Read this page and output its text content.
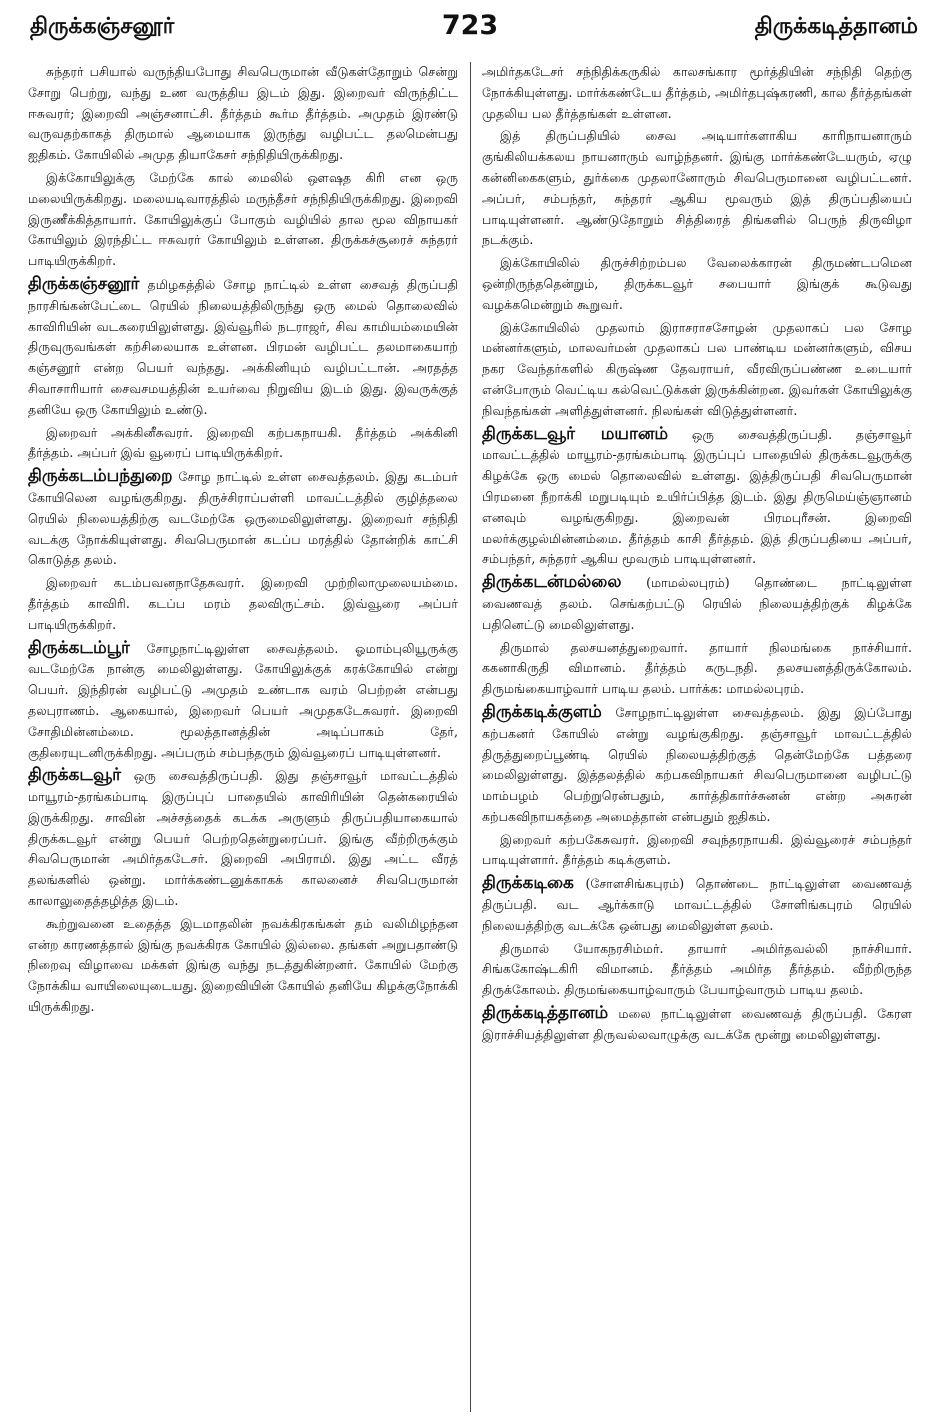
திருக்கஞ்சனூர்	723	திருக்கடித்தானம்

சுந்தரர் பசியால் வருந்தியபோது சிவபெருமான் வீடுகள்தோறும் சென்று சோறு பெற்று, வந்து உண வருத்திய இடம் இது. இறைவர் விருந்திட்ட ஈசுவரர்; இறைவி அஞ்சனாட்சி. தீர்த்தம் கூர்ம தீர்த்தம். அமுதம் இரண்டு வருவதற்காகத் திருமால் ஆமையாக இருந்து வழிபட்ட தலமென்பது ஐதிகம். கோயிலில் அமுத தியாகேசர் சந்நிதியிருக்கிறது.

இக்கோயிலுக்கு மேற்கே கால் மைலில் ஔஷத கிரி என ஒரு மலையிருக்கிறது. மலையடிவாரத்தில் மருந்தீசர் சந்நிதியிருக்கிறது. இறைவி இருணீக்கித்தாயார். கோயிலுக்குப் போகும் வழியில் தால மூல விநாயகர் கோயிலும் இரந்திட்ட ஈசுவரர் கோயிலும் உள்ளன. திருக்கச்சூரைச் சுந்தரர் பாடியிருக்கிறர்.

திருக்கஞ்சனூர் தமிழகத்தில் சோழ நாட்டில் உள்ள சைவத் திருப்பதி நாரசிங்கன்பேட்டை ரெயில் நிலையத்திலிருந்து ஒரு மைல் தொலைவில் காவிரியின் வடகரையிலுள்ளது. இவ்வூரில் நடராஜர், சிவ காமியம்மையின் திருவுருவங்கள் கற்சிலையாக உள்ளன. பிரமன் வழிபட்ட தலமாகையாற் கஞ்சனூர் என்ற பெயர் வந்தது. அக்கினியும் வழிபட்டான். அரதத்த சிவாசாரியார் சைவசமயத்தின் உயர்வை நிறுவிய இடம் இது. இவருக்குத் தனியே ஒரு கோயிலும் உண்டு.

இறைவர் அக்கினீசுவரர். இறைவி கற்பகநாயகி. தீர்த்தம் அக்கினி தீர்த்தம். அப்பர் இவ் வூரைப் பாடியிருக்கிறர்.

திருக்கடம்பந்துறை சோழ நாட்டில் உள்ள சைவத்தலம். இது கடம்பர் கோயிலென வழங்குகிறது. திருச்சிராப்பள்ளி மாவட்டத்தில் குழித்தலை ரெயில் நிலையத்திற்கு வடமேற்கே ஒருமைலிலுள்ளது. இறைவர் சந்நிதி வடக்கு நோக்கியுள்ளது. சிவபெருமான் கடப்ப மரத்தில் தோன்றிக் காட்சி கொடுத்த தலம்.

இறைவர் கடம்பவனநாதேசுவரர். இறைவி முற்றிலாமுலையம்மை. தீர்த்தம் காவிரி. கடப்ப மரம் தலவிருட்சம். இவ்வூரை அப்பர் பாடியிருக்கிறர்.

திருக்கடம்பூர் சோழநாட்டிலுள்ள சைவத்தலம். ஓமாம்புலியூருக்கு வடமேற்கே நான்கு மைலிலுள்ளது. கோயிலுக்குக் கரக்கோயில் என்று பெயர். இந்திரன் வழிபட்டு அமுதம் உண்டாக வரம் பெற்றன் என்பது தலபுராணம். ஆகையால், இறைவர் பெயர் அமுதகடேசுவரர். இறைவி சோதிமின்னம்மை. மூலத்தானத்தின் அடிப்பாகம் தேர், குதிரையுடனிருக்கிறது. அப்பரும் சம்பந்தரும் இவ்வூரைப் பாடியுள்ளனர்.

திருக்கடவூர் ஒரு சைவத்திருப்பதி. இது தஞ்சாவூர் மாவட்டத்தில் மாயூரம்-தரங்கம்பாடி இருப்புப் பாதையில் காவிரியின் தென்கரையில் இருக்கிறது. சாவின் அச்சத்தைக் கடக்க அருளும் திருப்பதியாகையால் திருக்கடவூர் என்று பெயர் பெற்றதென்றுரைப்பர். இங்கு வீற்றிருக்கும் சிவபெருமான் அமிர்தகடேசர். இறைவி அபிராமி. இது அட்ட வீரத் தலங்களில் ஒன்று. மார்க்கண்டனுக்காகக் காலனைச் சிவபெருமான் காலாலுதைத்தழித்த இடம்.

கூற்றுவனை உதைத்த இடமாதலின் நவக்கிரகங்கள் தம் வலிமிழந்தன என்ற காரணத்தால் இங்கு நவக்கிரக கோயில் இல்லை. தங்கள் அறுபதாண்டு நிறைவு விழாவை மக்கள் இங்கு வந்து நடத்துகின்றனர். கோயில் மேற்கு நோக்கிய வாயிலையுடையது. இறைவியின் கோயில் தனியே கிழக்குநோக்கி யிருக்கிறது.

அமிர்தகடேசர் சந்நிதிக்கருகில் காலசங்கார மூர்த்தியின் சந்நிதி தெற்கு நோக்கியுள்ளது. மார்க்கண்டேய தீர்த்தம், அமிர்தபுஷ்கரணி, கால தீர்த்தங்கள் முதலிய பல தீர்த்தங்கள் உள்ளன.

இத் திருப்பதியில் சைவ அடியார்களாகிய காரிநாயனாரும் குங்கிலியக்கலய நாயனாரும் வாழ்ந்தனர். இங்கு மார்க்கண்டேயரும், ஏழு கன்னிகைகளும், துர்க்கை முதலானோரும் சிவபெருமானை வழிபட்டனர். அப்பர், சம்பந்தர், சுந்தரர் ஆகிய மூவரும் இத் திருப்பதியைப் பாடியுள்ளனர். ஆண்டுதோறும் சித்திரைத் திங்களில் பெருந் திருவிழா நடக்கும்.

இக்கோயிலில் திருச்சிற்றம்பல வேலைக்காரன் திருமண்டபமென ஒன்றிருந்ததென்றும், திருக்கடவூர் சபையார் இங்குக் கூடுவது வழக்கமென்றும் கூறுவர்.

இக்கோயிலில் முதலாம் இராசராசசோழன் முதலாகப் பல சோழ மன்னர்களும், மாலவர்மன் முதலாகப் பல பாண்டிய மன்னர்களும், விசய நகர வேந்தர்களில் கிருஷ்ண தேவராயர், வீரவிருப்பண்ண உடையார் என்போரும் வெட்டிய கல்வெட்டுக்கள் இருக்கின்றன. இவர்கள் கோயிலுக்கு நிவந்தங்கள் அளித்துள்ளனர். நிலங்கள் விடுத்துள்ளனர்.

திருக்கடவூர் மயானம் ஒரு சைவத்திருப்பதி. தஞ்சாவூர் மாவட்டத்தில் மாயூரம்-தரங்கம்பாடி இருப்புப் பாதையில் திருக்கடவூருக்கு கிழக்கே ஒரு மைல் தொலைவில் உள்ளது. இத்திருப்பதி சிவபெருமான் பிரமனை நீறாக்கி மறுபடியும் உயிர்ப்பித்த இடம். இது திருமெய்ஞ்ஞானம் எனவும் வழங்குகிறது. இறைவன் பிரமபுரீசன். இறைவி மலர்க்குழல்மின்னம்மை. தீர்த்தம் காசி தீர்த்தம். இத் திருப்பதியை அப்பர், சம்பந்தர், சுந்தரர் ஆகிய மூவரும் பாடியுள்ளனர்.

திருக்கடன்மல்லை (மாமல்லபுரம்) தொண்டை நாட்டிலுள்ள வைணவத் தலம். செங்கற்பட்டு ரெயில் நிலையத்திற்குக் கிழக்கே பதினெட்டு மைலிலுள்ளது.

திருமால் தலசயனத்துறைவார். தாயார் நிலமங்கை நாச்சியார். ககனாகிருதி விமானம். தீர்த்தம் கருடநதி. தலசயனத்திருக்கோலம். திருமங்கையாழ்வார் பாடிய தலம். பார்க்க: மாமல்லபுரம்.

திருக்கடிக்குளம் சோழநாட்டிலுள்ள சைவத்தலம். இது இப்போது கற்பகனர் கோயில் என்று வழங்குகிறது. தஞ்சாவூர் மாவட்டத்தில் திருத்துறைப்பூண்டி ரெயில் நிலையத்திற்குத் தென்மேற்கே பத்தரை மைலிலுள்ளது. இத்தலத்தில் கற்பகவிநாயகர் சிவபெருமானை வழிபட்டு மாம்பழம் பெற்றுரென்பதும், கார்த்திகார்ச்சுனன் என்ற அசுரன் கற்பகவிநாயகத்தை அமைத்தான் என்பதும் ஐதிகம்.

இறைவர் கற்பகேசுவரர். இறைவி சவுந்தரநாயகி. இவ்வூரைச் சம்பந்தர் பாடியுள்ளார். தீர்த்தம் கடிக்குளம்.

திருக்கடிகை (சோளசிங்கபுரம்) தொண்டை நாட்டிலுள்ள வைணவத் திருப்பதி. வட ஆர்க்காடு மாவட்டத்தில் சோளிங்கபுரம் ரெயில் நிலையத்திற்கு வடக்கே ஒன்பது மைலிலுள்ள தலம்.

திருமால் யோகநரசிம்மர். தாயார் அமிர்தவல்லி நாச்சியார். சிங்ககோஷ்டகிரி விமானம். தீர்த்தம் அமிர்த தீர்த்தம். வீற்றிருந்த திருக்கோலம். திருமங்கையாழ்வாரும் பேயாழ்வாரும் பாடிய தலம்.

திருக்கடித்தானம் மலை நாட்டிலுள்ள வைணவத் திருப்பதி. கேரள இராச்சியத்திலுள்ள திருவல்லவாழுக்கு வடக்கே மூன்று மைலிலுள்ளது.
